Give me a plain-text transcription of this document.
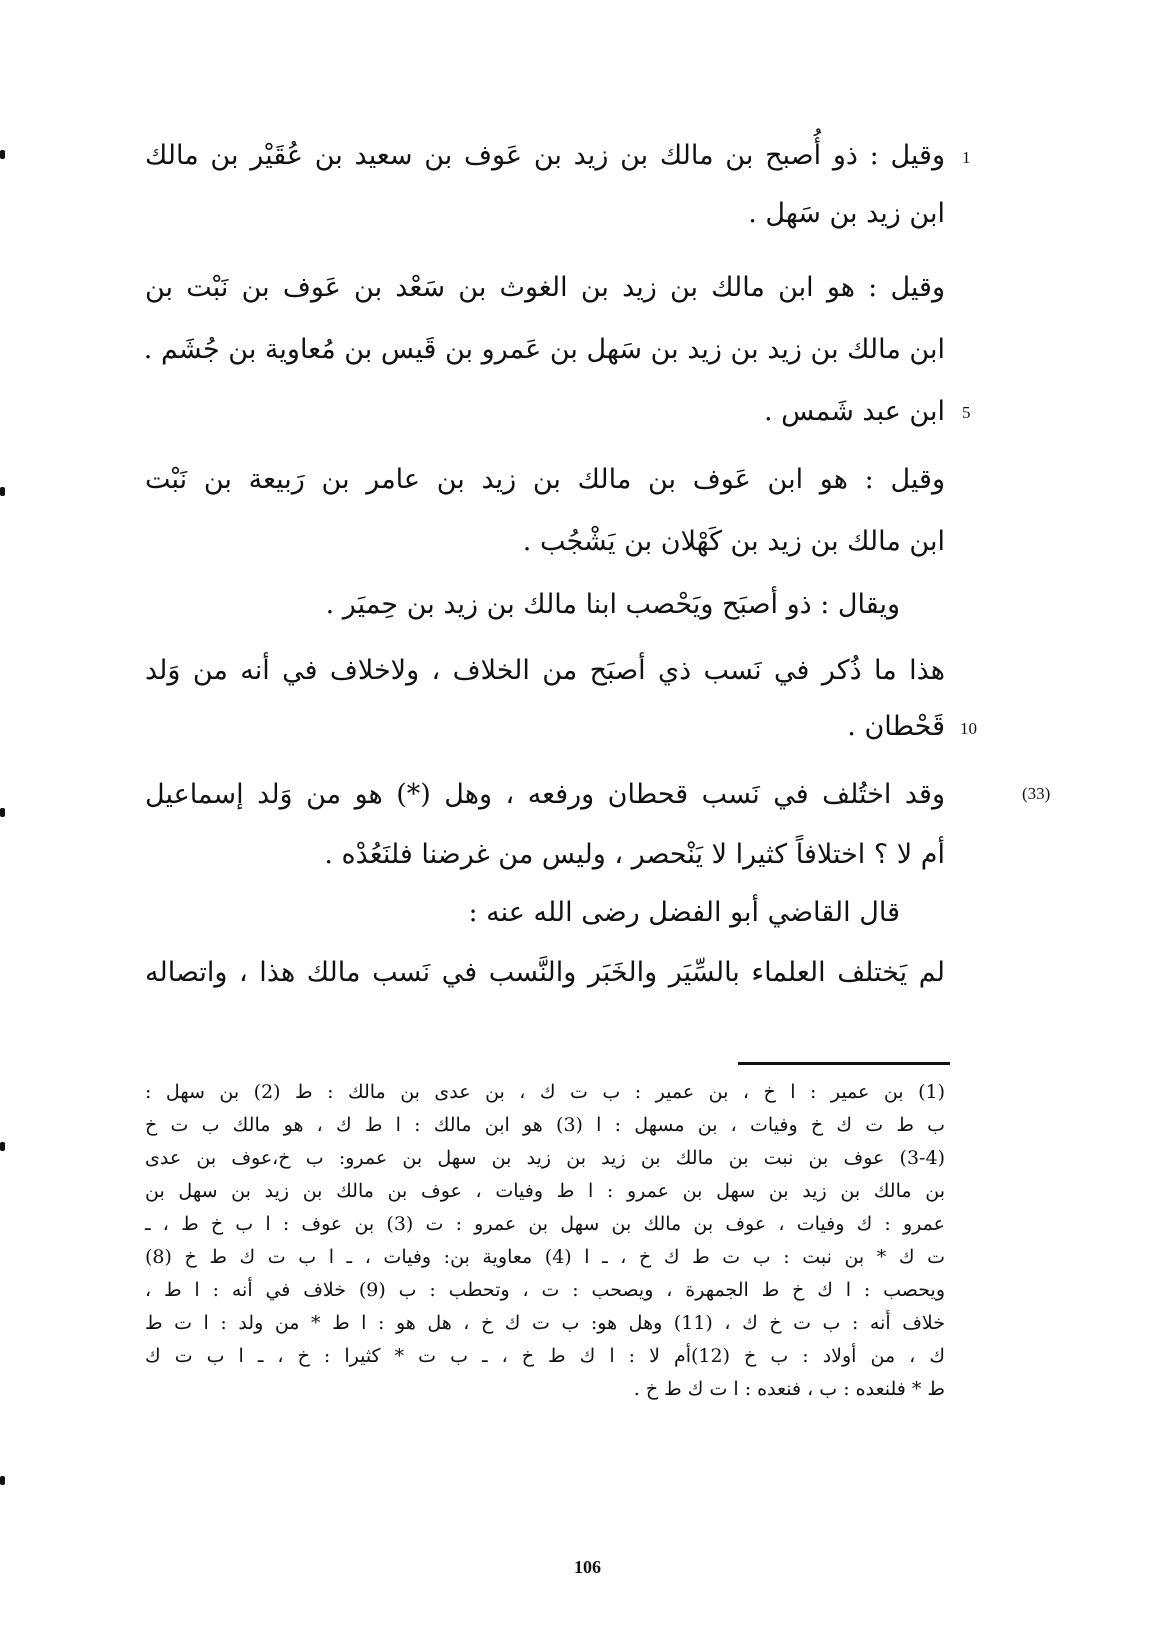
وقيل : ذو أُصبح بن مالك بن زيد بن عَوف بن سعيد بن عُقَيْر بن مالك
ابن زيد بن سَهل .
وقيل : هو ابن مالك بن زيد بن الغوث بن سَعْد بن عَوف بن نَبْت بن
ابن مالك بن زيد بن زيد بن سَهل بن عَمرو بن قَيس بن مُعاوية بن جُشَم .
ابن عبد شَمس .
وقيل : هو ابن عَوف بن مالك بن زيد بن عامر بن رَبيعة بن نَبْت
ابن مالك بن زيد بن كَهْلان بن يَشْجُب .
ويقال : ذو أصبَح ويَحْصب ابنا مالك بن زيد بن حِميَر .
هذا ما ذُكر في نَسب ذي أصبَح من الخلاف ، ولاخلاف في أنه من وَلد
قَحْطان .
وقد اختُلف في نَسب قحطان ورفعه ، وهل (*) هو من وَلد إسماعيل
أم لا ؟ اختلافاً كثيرا لا يَنْحصر ، وليس من غرضنا فلنَعُدْه .
قال القاضي أبو الفضل رضى الله عنه :
لم يَختلف العلماء بالسِّيَر والخَبَر والنَّسب في نَسب مالك هذا ، واتصاله
1
5
10
(33)
(1) بن عمير : ا خ ، بن عمير : ب ت ك ، بن عدى بن مالك : ط (2) بن سهل :
ب ط ت ك خ وفيات ، بن مسهل : ا (3) هو ابن مالك : ا ط ك ، هو مالك ب ت خ
(3-4) عوف بن نبت بن مالك بن زيد بن زيد بن سهل بن عمرو: ب خ،عوف بن عدى
بن مالك بن زيد بن سهل بن عمرو : ا ط وفيات ، عوف بن مالك بن زيد بن سهل بن
عمرو : ك وفيات ، عوف بن مالك بن سهل بن عمرو : ت (3) بن عوف : ا ب خ ط ، ـ
ت ك * بن نبت : ب ت ط ك خ ، ـ ا (4) معاوية بن: وفيات ، ـ ا ب ت ك ط خ (8)
ويحصب : ا ك خ ط الجمهرة ، ويصحب : ت ، وتحطب : ب (9) خلاف في أنه : ا ط ،
خلاف أنه : ب ت خ ك ، (11) وهل هو: ب ت ك خ ، هل هو : ا ط * من ولد : ا ت ط
ك ، من أولاد : ب خ (12)أم لا : ا ك ط خ ، ـ ب ت * كثيرا : خ ، ـ ا ب ت ك
ط * فلنعده : ب ، فنعده : ا ت ك ط خ .
106
